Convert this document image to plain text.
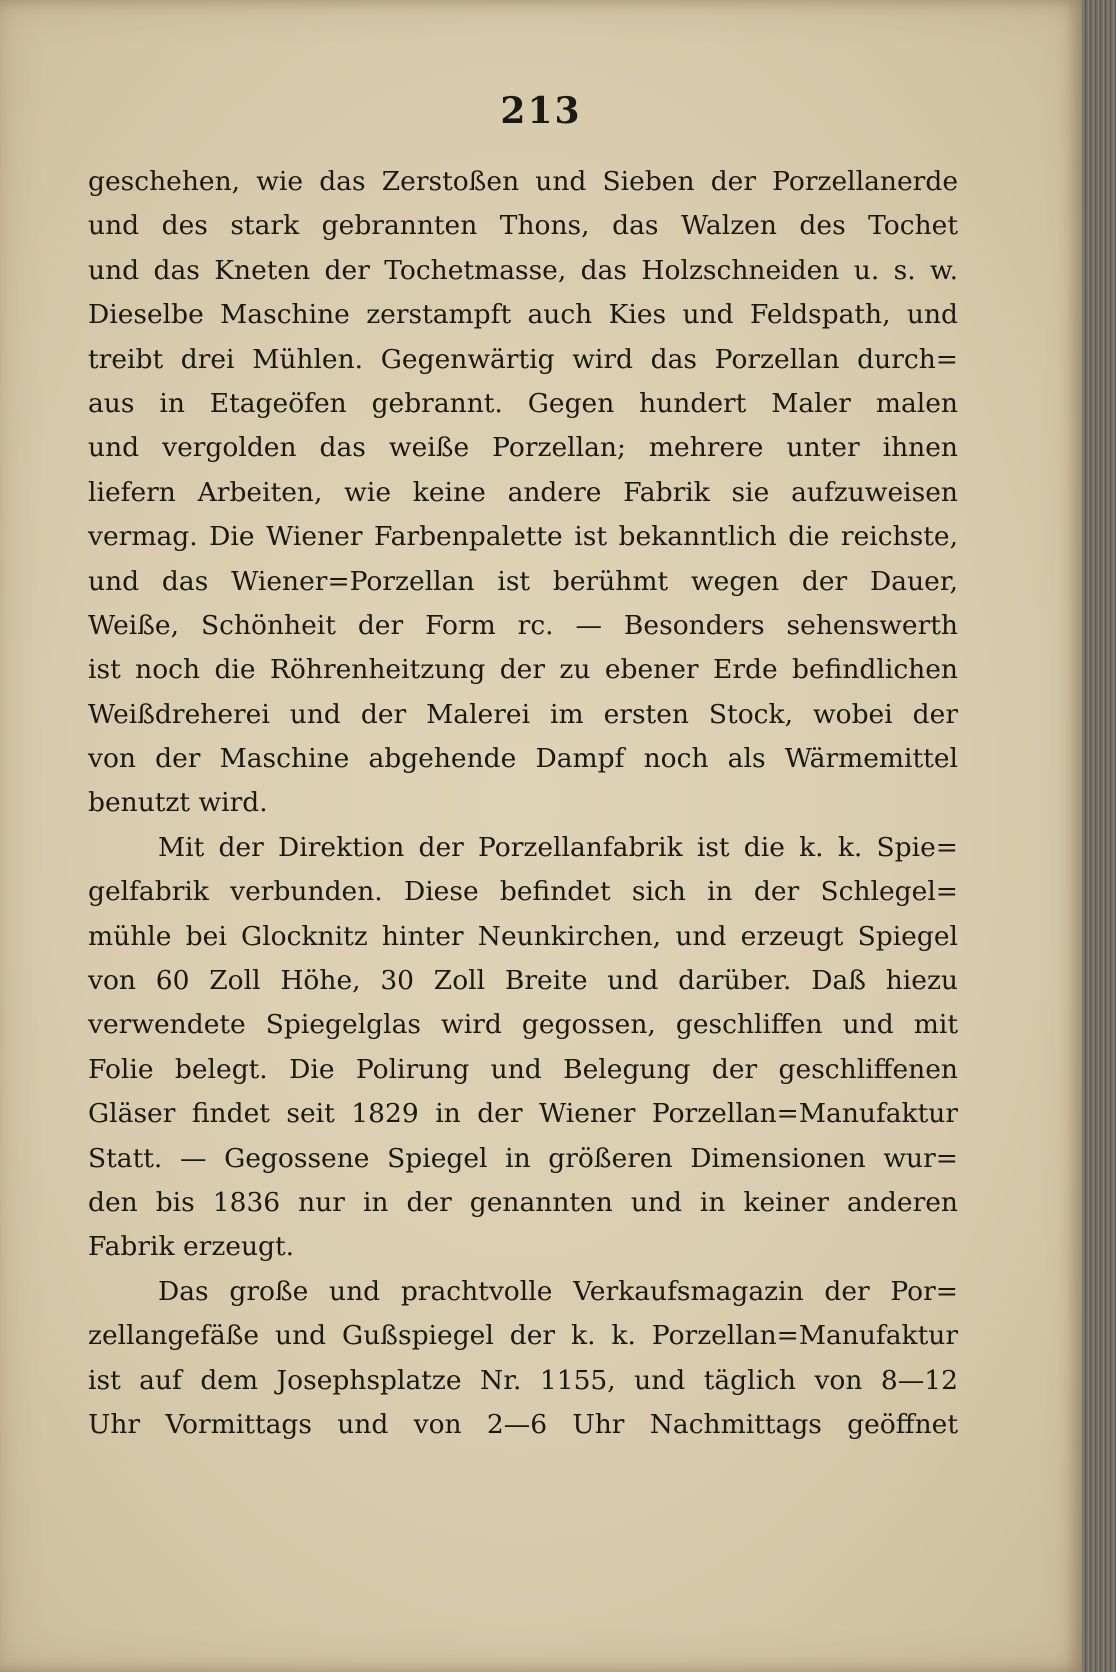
213
geschehen, wie das Zerstoßen und Sieben der Porzellanerde
und des stark gebrannten Thons, das Walzen des Tochet
und das Kneten der Tochetmasse, das Holzschneiden u. s. w.
Dieselbe Maschine zerstampft auch Kies und Feldspath, und
treibt drei Mühlen. Gegenwärtig wird das Porzellan durch=
aus in Etageöfen gebrannt. Gegen hundert Maler malen
und vergolden das weiße Porzellan; mehrere unter ihnen
liefern Arbeiten, wie keine andere Fabrik sie aufzuweisen
vermag. Die Wiener Farbenpalette ist bekanntlich die reichste,
und das Wiener=Porzellan ist berühmt wegen der Dauer,
Weiße, Schönheit der Form rc. — Besonders sehenswerth
ist noch die Röhrenheitzung der zu ebener Erde befindlichen
Weißdreherei und der Malerei im ersten Stock, wobei der
von der Maschine abgehende Dampf noch als Wärmemittel
benutzt wird.
Mit der Direktion der Porzellanfabrik ist die k. k. Spie=
gelfabrik verbunden. Diese befindet sich in der Schlegel=
mühle bei Glocknitz hinter Neunkirchen, und erzeugt Spiegel
von 60 Zoll Höhe, 30 Zoll Breite und darüber. Daß hiezu
verwendete Spiegelglas wird gegossen, geschliffen und mit
Folie belegt. Die Polirung und Belegung der geschliffenen
Gläser findet seit 1829 in der Wiener Porzellan=Manufaktur
Statt. — Gegossene Spiegel in größeren Dimensionen wur=
den bis 1836 nur in der genannten und in keiner anderen
Fabrik erzeugt.
Das große und prachtvolle Verkaufsmagazin der Por=
zellangefäße und Gußspiegel der k. k. Porzellan=Manufaktur
ist auf dem Josephsplatze Nr. 1155, und täglich von 8—12
Uhr Vormittags und von 2—6 Uhr Nachmittags geöffnet
